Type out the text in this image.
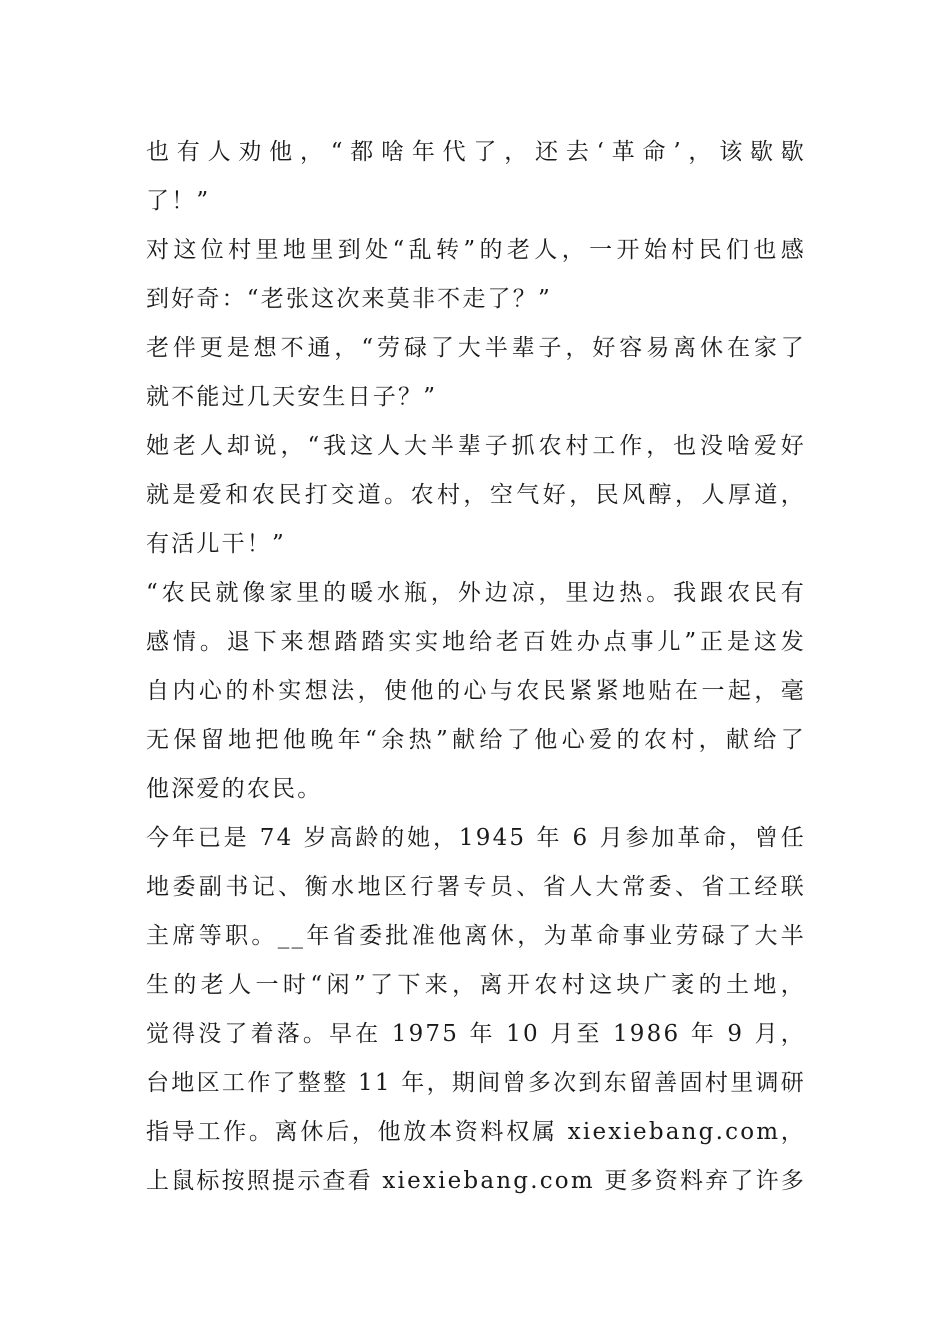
也有人劝他，“都啥年代了，还去‘革命’，该歇歇
了！”
对这位村里地里到处“乱转”的老人，一开始村民们也感
到好奇：“老张这次来莫非不走了？”
老伴更是想不通，“劳碌了大半辈子，好容易离休在家了
就不能过几天安生日子？”
她老人却说，“我这人大半辈子抓农村工作，也没啥爱好
就是爱和农民打交道。农村，空气好，民风醇，人厚道，
有活儿干！”
“农民就像家里的暖水瓶，外边凉，里边热。我跟农民有
感情。退下来想踏踏实实地给老百姓办点事儿”正是这发
自内心的朴实想法，使他的心与农民紧紧地贴在一起，毫
无保留地把他晚年“余热”献给了他心爱的农村，献给了
他深爱的农民。
今年已是 74 岁高龄的她，1945 年 6 月参加革命，曾任
地委副书记、衡水地区行署专员、省人大常委、省工经联
主席等职。__年省委批准他离休，为革命事业劳碌了大半
生的老人一时“闲”了下来，离开农村这块广袤的土地，
觉得没了着落。早在 1975 年 10 月至 1986 年 9 月，
台地区工作了整整 11 年，期间曾多次到东留善固村里调研
指导工作。离休后，他放本资料权属 xiexiebang.com，
上鼠标按照提示查看 xiexiebang.com 更多资料弃了许多
